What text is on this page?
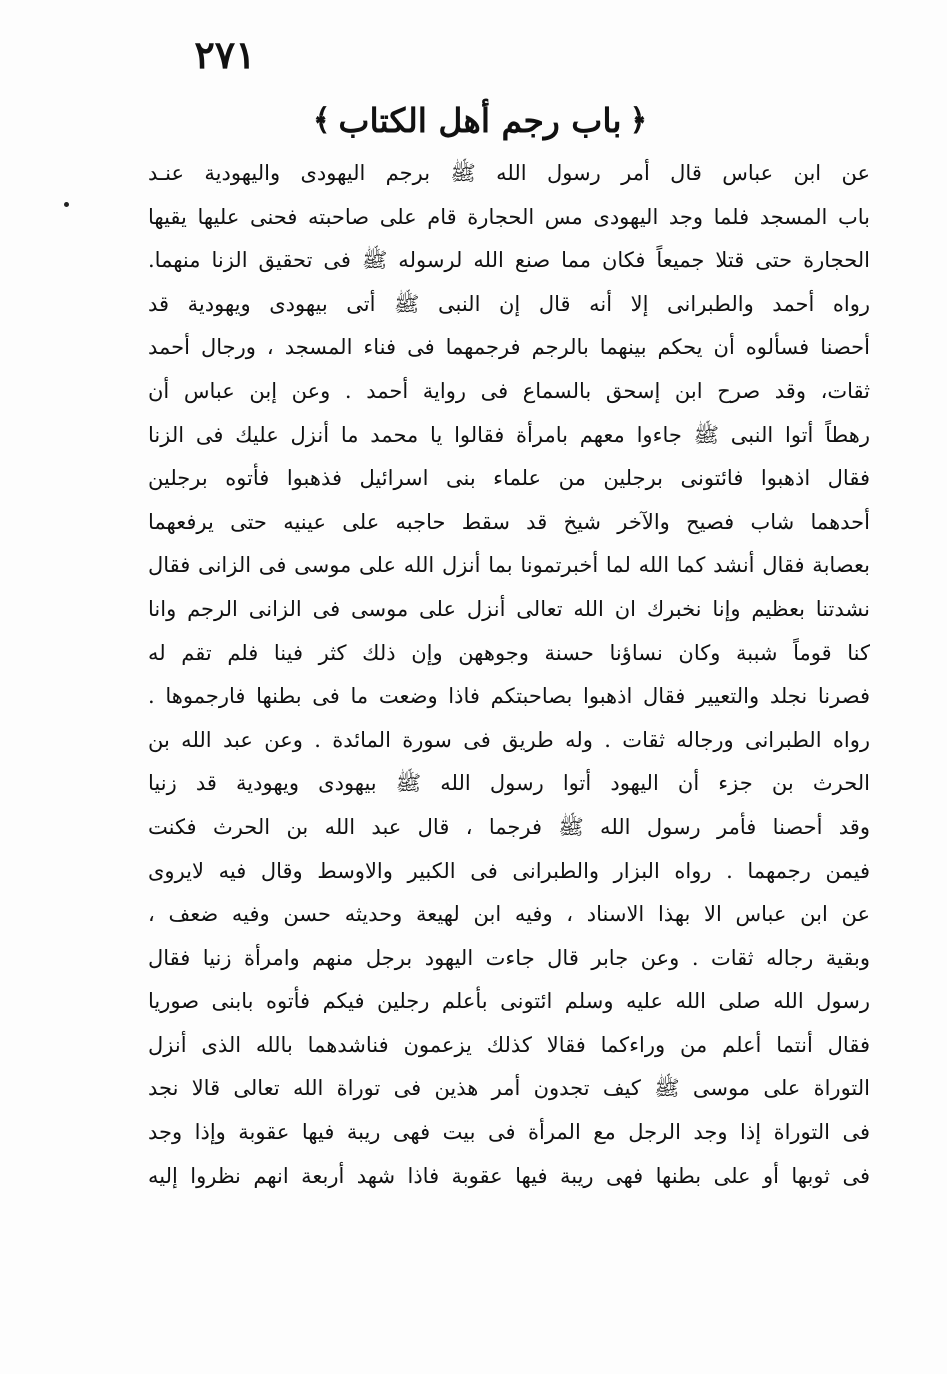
٢٧١
﴿
باب رجم أهل الكتاب
﴾
عن ابن عباس قال أمر رسول الله ﷺ برجم اليهودى واليهودية عنـد
باب المسجد فلما وجد اليهودى مس الحجارة قام على صاحبته فحنى عليها يقيها
الحجارة حتى قتلا جميعاً فكان مما صنع الله لرسوله ﷺ فى تحقيق الزنا منهما.
رواه أحمد والطبرانى إلا أنه قال إن النبى ﷺ أتى بيهودى ويهودية قد
أحصنا فسألوه أن يحكم بينهما بالرجم فرجمهما فى فناء المسجد ، ورجال أحمد
ثقات، وقد صرح ابن إسحق بالسماع فى رواية أحمد . وعن إبن عباس أن
رهطاً أتوا النبى ﷺ جاءوا معهم بامرأة فقالوا يا محمد ما أنزل عليك فى الزنا
فقال اذهبوا فائتونى برجلين من علماء بنى اسرائيل فذهبوا فأتوه برجلين
أحدهما شاب فصيح والآخر شيخ قد سقط حاجبه على عينيه حتى يرفعهما
بعصابة فقال أنشد كما الله لما أخبرتمونا بما أنزل الله على موسى فى الزانى فقال
نشدتنا بعظيم وإنا نخبرك ان الله تعالى أنزل على موسى فى الزانى الرجم وانا
كنا قوماً شببة وكان نساؤنا حسنة وجوههن وإن ذلك كثر فينا فلم تقم له
فصرنا نجلد والتعيير فقال اذهبوا بصاحبتكم فاذا وضعت ما فى بطنها فارجموها .
رواه الطبرانى ورجاله ثقات . وله طريق فى سورة المائدة . وعن عبد الله بن
الحرث بن جزء أن اليهود أتوا رسول الله ﷺ بيهودى ويهودية قد زنيا
وقد أحصنا فأمر رسول الله ﷺ فرجما ، قال عبد الله بن الحرث فكنت
فيمن رجمهما . رواه البزار والطبرانى فى الكبير والاوسط وقال فيه لايروى
عن ابن عباس الا بهذا الاسناد ، وفيه ابن لهيعة وحديثه حسن وفيه ضعف ،
وبقية رجاله ثقات . وعن جابر قال جاءت اليهود برجل منهم وامرأة زنيا فقال
رسول الله صلى الله عليه وسلم ائتونى بأعلم رجلين فيكم فأتوه بابنى صوريا
فقال أنتما أعلم من وراءكما فقالا كذلك يزعمون فناشدهما بالله الذى أنزل
التوراة على موسى ﷺ كيف تجدون أمر هذين فى توراة الله تعالى قالا نجد
فى التوراة إذا وجد الرجل مع المرأة فى بيت فهى ريبة فيها عقوبة وإذا وجد
فى ثوبها أو على بطنها فهى ريبة فيها عقوبة فاذا شهد أربعة انهم نظروا إليه
